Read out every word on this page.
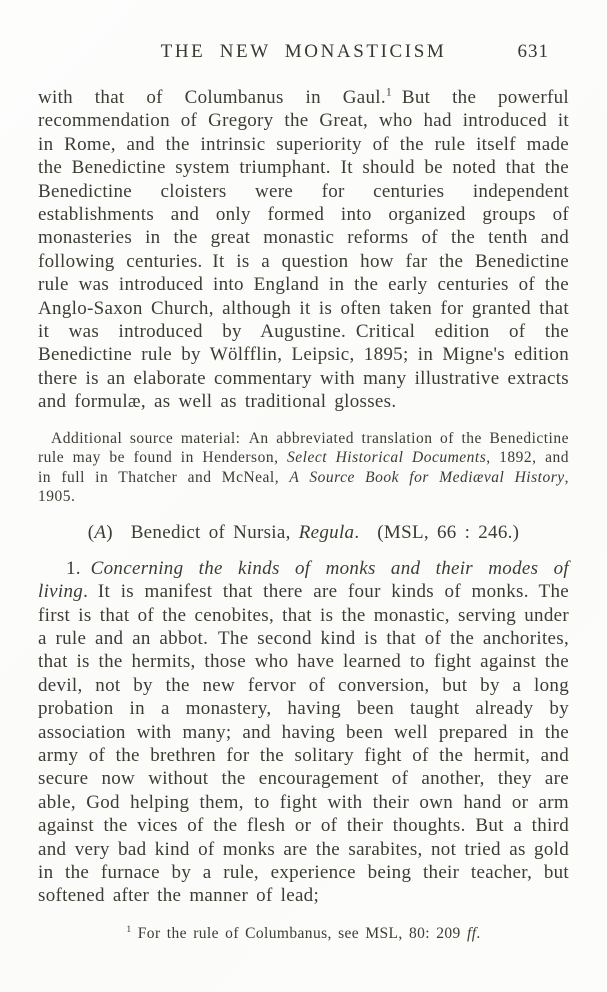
THE NEW MONASTICISM	631

with that of Columbanus in Gaul.$^1$ But the powerful recommendation of Gregory the Great, who had introduced it in Rome, and the intrinsic superiority of the rule itself made the Benedictine system triumphant. It should be noted that the Benedictine cloisters were for centuries independent establishments and only formed into organized groups of monasteries in the great monastic reforms of the tenth and following centuries. It is a question how far the Benedictine rule was introduced into England in the early centuries of the Anglo-Saxon Church, although it is often taken for granted that it was introduced by Augustine. Critical edition of the Benedictine rule by Wölfflin, Leipsic, 1895; in Migne's edition there is an elaborate commentary with many illustrative extracts and formulæ, as well as traditional glosses.

Additional source material: An abbreviated translation of the Benedictine rule may be found in Henderson, Select Historical Documents, 1892, and in full in Thatcher and McNeal, A Source Book for Mediæval History, 1905.

(A)  Benedict of Nursia, Regula.  (MSL, 66 : 246.)

1. Concerning the kinds of monks and their modes of living. It is manifest that there are four kinds of monks. The first is that of the cenobites, that is the monastic, serving under a rule and an abbot. The second kind is that of the anchorites, that is the hermits, those who have learned to fight against the devil, not by the new fervor of conversion, but by a long probation in a monastery, having been taught already by association with many; and having been well prepared in the army of the brethren for the solitary fight of the hermit, and secure now without the encouragement of another, they are able, God helping them, to fight with their own hand or arm against the vices of the flesh or of their thoughts. But a third and very bad kind of monks are the sarabites, not tried as gold in the furnace by a rule, experience being their teacher, but softened after the manner of lead;

$^1$ For the rule of Columbanus, see MSL, 80: 209 ff.
